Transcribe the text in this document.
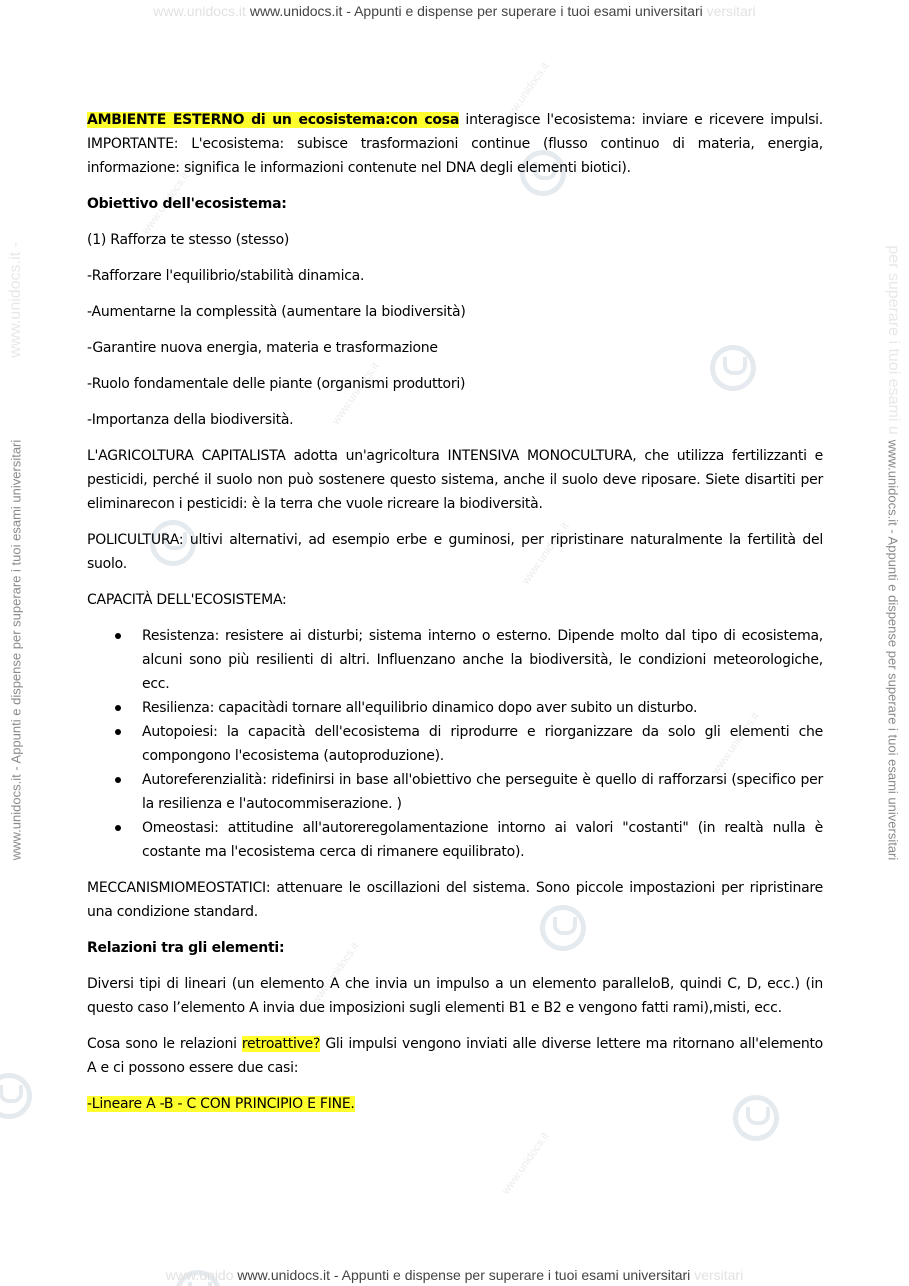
www.unidocs.it www.unidocs.it - Appunti e dispense per superare i tuoi esami universitari versitari
www.unidocs.it -
www.unidocs.it - Appunti e dispense per superare i tuoi esami universitari
per superare i tuoi esami u
www.unidocs.it - Appunti e dispense per superare i tuoi esami universitari
www.unidocs.it
www.unidocs.it
www.unidocs.it
www.unidocs.it
www.unidocs.it
www.unidocs.it
www.unidocs.it

AMBIENTE ESTERNO di un ecosistema:con cosa interagisce l'ecosistema: inviare e ricevere impulsi. IMPORTANTE: L'ecosistema: subisce trasformazioni continue (flusso continuo di materia, energia, informazione: significa le informazioni contenute nel DNA degli elementi biotici).

Obiettivo dell'ecosistema:

(1) Rafforza te stesso (stesso)

-Rafforzare l'equilibrio/stabilità dinamica.

-Aumentarne la complessità (aumentare la biodiversità)

-Garantire nuova energia, materia e trasformazione

-Ruolo fondamentale delle piante (organismi produttori)

-Importanza della biodiversità.

L'AGRICOLTURA CAPITALISTA adotta un'agricoltura INTENSIVA MONOCULTURA, che utilizza fertilizzanti e pesticidi, perché il suolo non può sostenere questo sistema, anche il suolo deve riposare. Siete disartiti per eliminarecon i pesticidi: è la terra che vuole ricreare la biodiversità.

POLICULTURA: ultivi alternativi, ad esempio erbe e guminosi, per ripristinare naturalmente la fertilità del suolo.

CAPACITÀ DELL'ECOSISTEMA:

Resistenza: resistere ai disturbi; sistema interno o esterno. Dipende molto dal tipo di ecosistema, alcuni sono più resilienti di altri. Influenzano anche la biodiversità, le condizioni meteorologiche, ecc.
Resilienza: capacitàdi tornare all'equilibrio dinamico dopo aver subito un disturbo.
Autopoiesi: la capacità dell'ecosistema di riprodurre e riorganizzare da solo gli elementi che compongono l'ecosistema (autoproduzione).
Autoreferenzialità: ridefinirsi in base all'obiettivo che perseguite è quello di rafforzarsi (specifico per la resilienza e l'autocommiserazione. )
Omeostasi: attitudine all'autoreregolamentazione intorno ai valori "costanti" (in realtà nulla è costante ma l'ecosistema cerca di rimanere equilibrato).

MECCANISMIOMEOSTATICI: attenuare le oscillazioni del sistema. Sono piccole impostazioni per ripristinare una condizione standard.

Relazioni tra gli elementi:

Diversi tipi di lineari (un elemento A che invia un impulso a un elemento paralleloB, quindi C, D, ecc.) (in questo caso l’elemento A invia due imposizioni sugli elementi B1 e B2 e vengono fatti rami),misti, ecc.

Cosa sono le relazioni retroattive? Gli impulsi vengono inviati alle diverse lettere ma ritornano all'elemento A e ci possono essere due casi:

-Lineare A -B - C CON PRINCIPIO E FINE.

www.unido www.unidocs.it - Appunti e dispense per superare i tuoi esami universitari versitari
